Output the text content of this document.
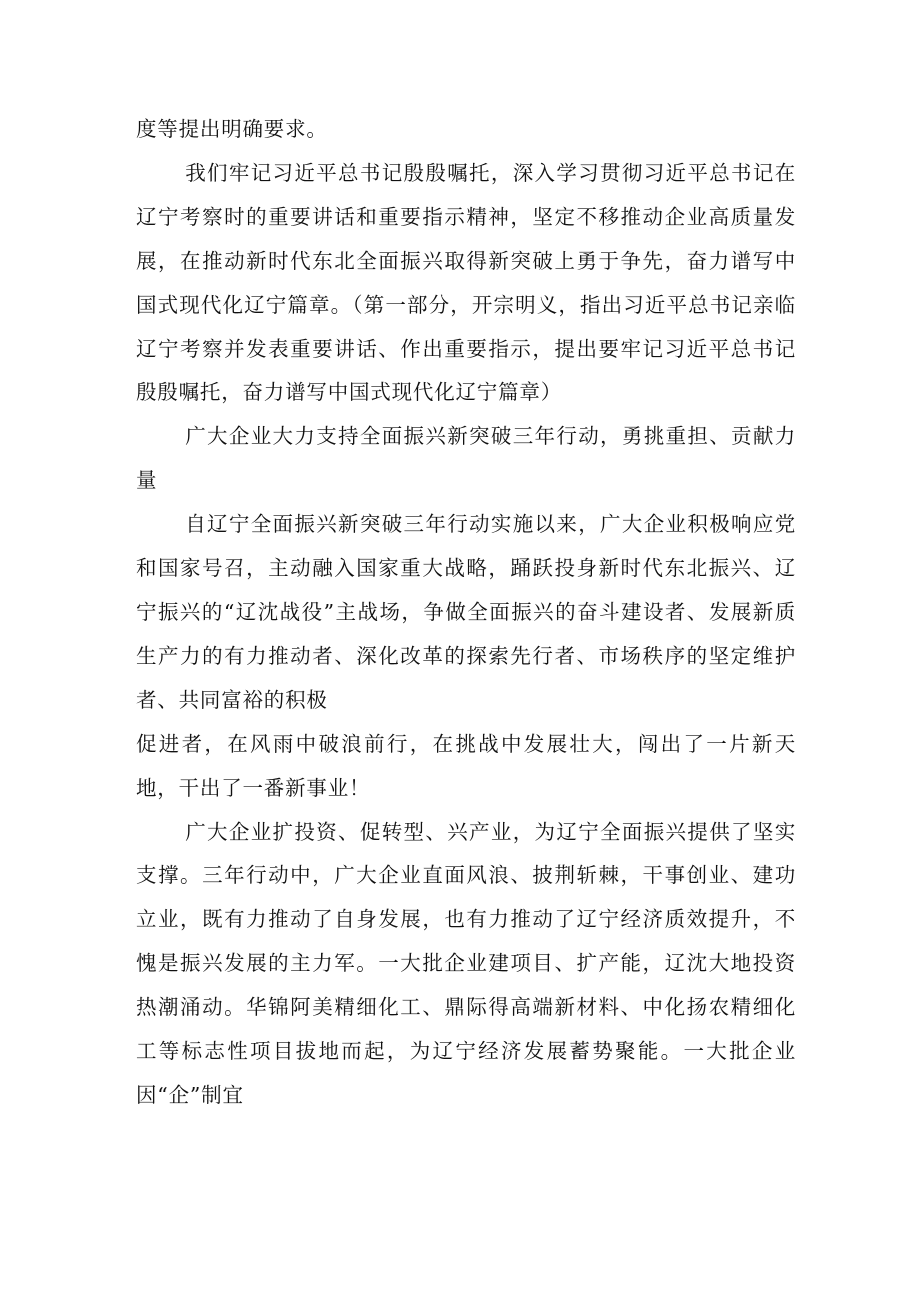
度等提出明确要求。

我们牢记习近平总书记殷殷嘱托，深入学习贯彻习近平总书记在辽宁考察时的重要讲话和重要指示精神，坚定不移推动企业高质量发展，在推动新时代东北全面振兴取得新突破上勇于争先，奋力谱写中国式现代化辽宁篇章。（第一部分，开宗明义，指出习近平总书记亲临辽宁考察并发表重要讲话、作出重要指示，提出要牢记习近平总书记殷殷嘱托，奋力谱写中国式现代化辽宁篇章）

广大企业大力支持全面振兴新突破三年行动，勇挑重担、贡献力量

自辽宁全面振兴新突破三年行动实施以来，广大企业积极响应党和国家号召，主动融入国家重大战略，踊跃投身新时代东北振兴、辽宁振兴的“辽沈战役”主战场，争做全面振兴的奋斗建设者、发展新质生产力的有力推动者、深化改革的探索先行者、市场秩序的坚定维护者、共同富裕的积极

促进者，在风雨中破浪前行，在挑战中发展壮大，闯出了一片新天地，干出了一番新事业！

广大企业扩投资、促转型、兴产业，为辽宁全面振兴提供了坚实支撑。三年行动中，广大企业直面风浪、披荆斩棘，干事创业、建功立业，既有力推动了自身发展，也有力推动了辽宁经济质效提升，不愧是振兴发展的主力军。一大批企业建项目、扩产能，辽沈大地投资热潮涌动。华锦阿美精细化工、鼎际得高端新材料、中化扬农精细化工等标志性项目拔地而起，为辽宁经济发展蓄势聚能。一大批企业因“企”制宜
